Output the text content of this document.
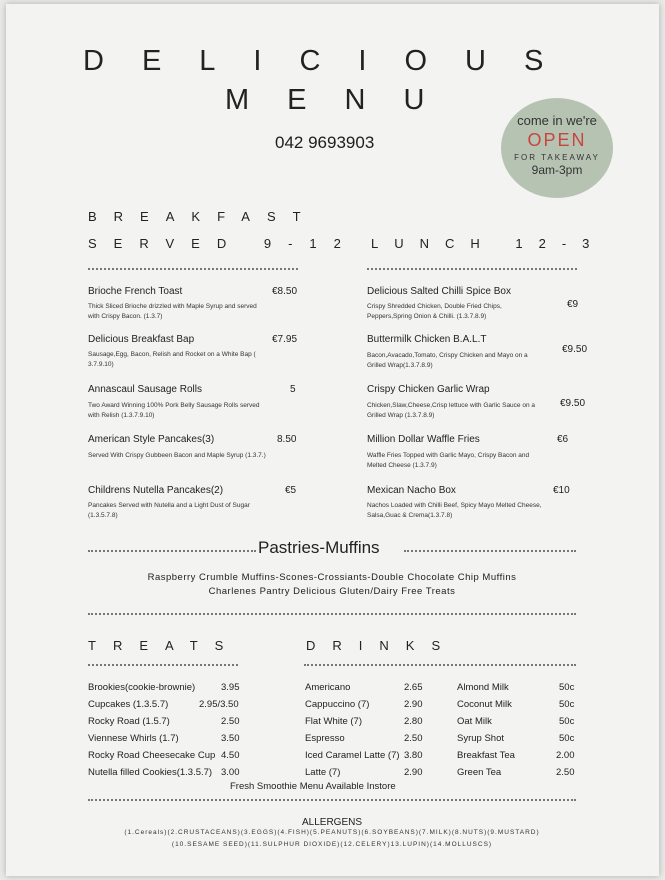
DELICIOUS
MENU
042 9693903
come in we're
OPEN
FOR TAKEAWAY
9am-3pm
BREAKFAST
SERVED 9-12 LUNCH 12-3
Brioche French Toast	€8.50
Thick Sliced Brioche drizzled with Maple Syrup and served with Crispy Bacon. (1.3.7)
Delicious Breakfast Bap	€7.95
Sausage,Egg, Bacon, Relish and Rocket on a White Bap ( 3.7.9.10)
Annascaul Sausage Rolls	5
Two Award Winning 100% Pork Belly Sausage Rolls served with Relish (1.3.7.9.10)
American Style Pancakes(3)	8.50
Served With Crispy Gubbeen Bacon and Maple Syrup (1.3.7.)
Childrens Nutella Pancakes(2)	€5
Pancakes Served with Nutella and a Light Dust of Sugar (1.3.5.7.8)
Delicious Salted Chilli Spice Box
€9
Crispy Shredded Chicken, Double Fried Chips, Peppers,Spring Onion & Chilli. (1.3.7.8.9)
Buttermilk Chicken B.A.L.T
€9.50
Bacon,Avacado,Tomato, Crispy Chicken and Mayo on a Grilled Wrap(1.3.7.8.9)
Crispy Chicken Garlic Wrap
€9.50
Chicken,Slaw,Cheese,Crisp lettuce with Garlic Sauce on a Grilled Wrap (1.3.7.8.9)
Million Dollar Waffle Fries	€6
Waffle Fries Topped with Garlic Mayo, Crispy Bacon and Melted Cheese (1.3.7.9)
Mexican Nacho Box	€10
Nachos Loaded with Chilli Beef, Spicy Mayo Melted Cheese, Salsa,Guac & Crema(1.3.7.8)
Pastries-Muffins
Raspberry Crumble Muffins-Scones-Crossiants-Double Chocolate Chip Muffins
Charlenes Pantry Delicious Gluten/Dairy Free Treats
TREATS
Brookies(cookie-brownie)	3.95
Cupcakes (1.3.5.7)	2.95/3.50
Rocky Road (1.5.7)	2.50
Viennese Whirls (1.7)	3.50
Rocky Road Cheesecake Cup 4.50
Nutella filled Cookies(1.3.5.7) 3.00
DRINKS
Americano	2.65
Cappuccino (7)	2.90
Flat White (7)	2.80
Espresso	2.50
Iced Caramel Latte (7) 3.80
Latte (7)	2.90
Almond Milk	50c
Coconut Milk	50c
Oat Milk	50c
Syrup Shot	50c
Breakfast Tea	2.00
Green Tea	2.50
Fresh Smoothie Menu Available Instore
ALLERGENS
(1.Cereals)(2.CRUSTACEANS)(3.EGGS)(4.FISH)(5.PEANUTS)(6.SOYBEANS)(7.MILK)(8.NUTS)(9.MUSTARD)
(10.SESAME SEED)(11.SULPHUR DIOXIDE)(12.CELERY)13.LUPIN)(14.MOLLUSCS)
